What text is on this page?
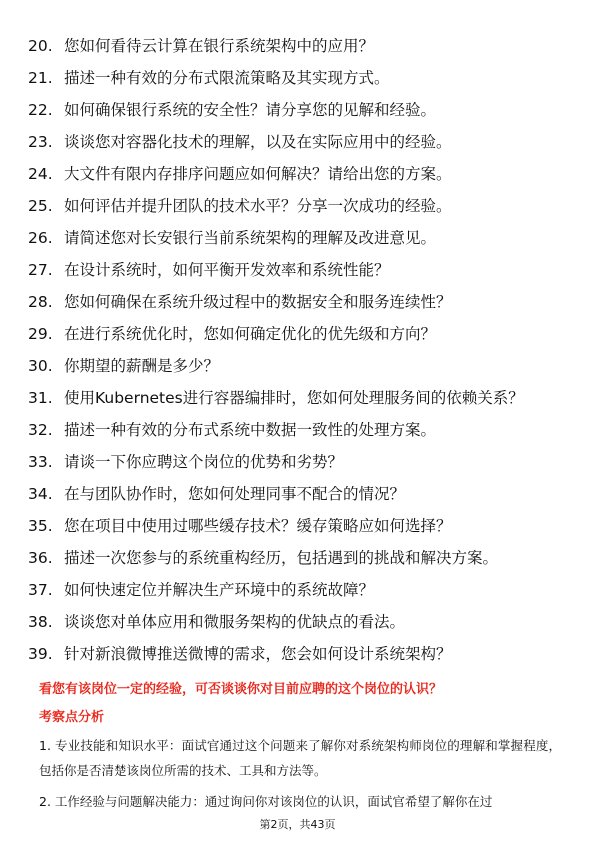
20. 您如何看待云计算在银行系统架构中的应用？
21. 描述一种有效的分布式限流策略及其实现方式。
22. 如何确保银行系统的安全性？请分享您的见解和经验。
23. 谈谈您对容器化技术的理解，以及在实际应用中的经验。
24. 大文件有限内存排序问题应如何解决？请给出您的方案。
25. 如何评估并提升团队的技术水平？分享一次成功的经验。
26. 请简述您对长安银行当前系统架构的理解及改进意见。
27. 在设计系统时，如何平衡开发效率和系统性能？
28. 您如何确保在系统升级过程中的数据安全和服务连续性？
29. 在进行系统优化时，您如何确定优化的优先级和方向？
30. 你期望的薪酬是多少？
31. 使用Kubernetes进行容器编排时，您如何处理服务间的依赖关系？
32. 描述一种有效的分布式系统中数据一致性的处理方案。
33. 请谈一下你应聘这个岗位的优势和劣势？
34. 在与团队协作时，您如何处理同事不配合的情况？
35. 您在项目中使用过哪些缓存技术？缓存策略应如何选择？
36. 描述一次您参与的系统重构经历，包括遇到的挑战和解决方案。
37. 如何快速定位并解决生产环境中的系统故障？
38. 谈谈您对单体应用和微服务架构的优缺点的看法。
39. 针对新浪微博推送微博的需求，您会如何设计系统架构？
看您有该岗位一定的经验，可否谈谈你对目前应聘的这个岗位的认识？
考察点分析
1. 专业技能和知识水平：面试官通过这个问题来了解你对系统架构师岗位的理解和掌握程度，包括你是否清楚该岗位所需的技术、工具和方法等。
2. 工作经验与问题解决能力：通过询问你对该岗位的认识，面试官希望了解你在过
第2页，共43页
